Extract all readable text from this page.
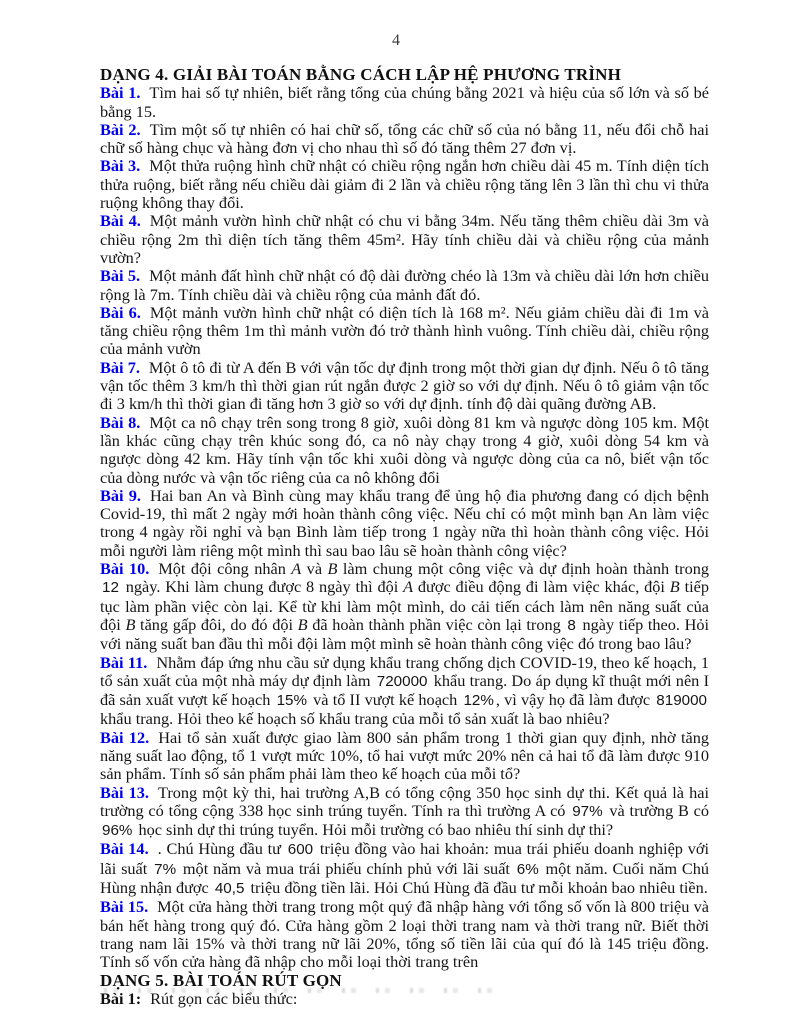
4
DẠNG 4. GIẢI BÀI TOÁN BẰNG CÁCH LẬP HỆ PHƯƠNG TRÌNH

Bài 1. Tìm hai số tự nhiên, biết rằng tổng của chúng bằng 2021 và hiệu của số lớn và số bé bằng 15.

Bài 2. Tìm một số tự nhiên có hai chữ số, tổng các chữ số của nó bằng 11, nếu đổi chỗ hai chữ số hàng chục và hàng đơn vị cho nhau thì số đó tăng thêm 27 đơn vị.

Bài 3. Một thửa ruộng hình chữ nhật có chiều rộng ngắn hơn chiều dài 45 m. Tính diện tích thửa ruộng, biết rằng nếu chiều dài giảm đi 2 lần và chiều rộng tăng lên 3 lần thì chu vi thửa ruộng không thay đổi.

Bài 4. Một mảnh vườn hình chữ nhật có chu vi bằng 34m. Nếu tăng thêm chiều dài 3m và chiều rộng 2m thì diện tích tăng thêm 45m². Hãy tính chiều dài và chiều rộng của mảnh vườn?

Bài 5. Một mảnh đất hình chữ nhật có độ dài đường chéo là 13m và chiều dài lớn hơn chiều rộng là 7m. Tính chiều dài và chiều rộng của mảnh đất đó.

Bài 6. Một mảnh vườn hình chữ nhật có diện tích là 168 m². Nếu giảm chiều dài đi 1m và tăng chiều rộng thêm 1m thì mảnh vườn đó trở thành hình vuông. Tính chiều dài, chiều rộng của mảnh vườn

Bài 7. Một ô tô đi từ A đến B với vận tốc dự định trong một thời gian dự định. Nếu ô tô tăng vận tốc thêm 3 km/h thì thời gian rút ngắn được 2 giờ so với dự định. Nếu ô tô giảm vận tốc đi 3 km/h thì thời gian đi tăng hơn 3 giờ so với dự định. tính độ dài quãng đường AB.

Bài 8. Một ca nô chạy trên song trong 8 giờ, xuôi dòng 81 km và ngược dòng 105 km. Một lần khác cũng chạy trên khúc song đó, ca nô này chạy trong 4 giờ, xuôi dòng 54 km và ngược dòng 42 km. Hãy tính vận tốc khi xuôi dòng và ngược dòng của ca nô, biết vận tốc của dòng nước và vận tốc riêng của ca nô không đổi

Bài 9. Hai ban An và Bình cùng may khẩu trang để ủng hộ đia phương đang có dịch bệnh Covid-19, thì mất 2 ngày mới hoàn thành công việc. Nếu chỉ có một mình bạn An làm việc trong 4 ngày rồi nghỉ và bạn Bình làm tiếp trong 1 ngày nữa thì hoàn thành công việc. Hỏi mỗi người làm riêng một mình thì sau bao lâu sẽ hoàn thành công việc?

Bài 10. Một đội công nhân A và B làm chung một công việc và dự định hoàn thành trong 12 ngày. Khi làm chung được 8 ngày thì đội A được điều động đi làm việc khác, đội B tiếp tục làm phần việc còn lại. Kể từ khi làm một mình, do cải tiến cách làm nên năng suất của đội B tăng gấp đôi, do đó đội B đã hoàn thành phần việc còn lại trong 8 ngày tiếp theo. Hỏi với năng suất ban đầu thì mỗi đội làm một mình sẽ hoàn thành công việc đó trong bao lâu?

Bài 11. Nhằm đáp ứng nhu cầu sử dụng khẩu trang chống dịch COVID-19, theo kế hoạch, 1 tổ sản xuất của một nhà máy dự định làm 720000 khẩu trang. Do áp dụng kĩ thuật mới nên I đã sản xuất vượt kế hoạch 15% và tổ II vượt kế hoạch 12% , vì vậy họ đã làm được 819000 khẩu trang. Hỏi theo kế hoạch số khẩu trang của mỗi tổ sản xuất là bao nhiêu?

Bài 12. Hai tổ sản xuất được giao làm 800 sản phẩm trong 1 thời gian quy định, nhờ tăng năng suất lao động, tổ 1 vượt mức 10%, tổ hai vượt mức 20% nên cả hai tổ đã làm được 910 sản phẩm. Tính số sản phẩm phải làm theo kế hoạch của mỗi tổ?

Bài 13. Trong một kỳ thi, hai trường A,B có tổng cộng 350 học sinh dự thi. Kết quả là hai trường có tổng cộng 338 học sinh trúng tuyển. Tính ra thì trường A có 97% và trường B có 96% học sinh dự thi trúng tuyển. Hỏi mỗi trường có bao nhiêu thí sinh dự thi?

Bài 14. . Chú Hùng đầu tư 600 triệu đồng vào hai khoản: mua trái phiếu doanh nghiệp với lãi suất 7% một năm và mua trái phiếu chính phủ với lãi suất 6% một năm. Cuối năm Chú Hùng nhận được 40,5 triệu đồng tiền lãi. Hỏi Chú Hùng đã đầu tư mỗi khoản bao nhiêu tiền.

Bài 15. Một cửa hàng thời trang trong một quý đã nhập hàng với tổng số vốn là 800 triệu và bán hết hàng trong quý đó. Cửa hàng gồm 2 loại thời trang nam và thời trang nữ. Biết thời trang nam lãi 15% và thời trang nữ lãi 20%, tổng số tiền lãi của quí đó là 145 triệu đồng. Tính số vốn cửa hàng đã nhập cho mỗi loại thời trang trên

DẠNG 5. BÀI TOÁN RÚT GỌN

Bài 1: Rút gọn các biểu thức:
